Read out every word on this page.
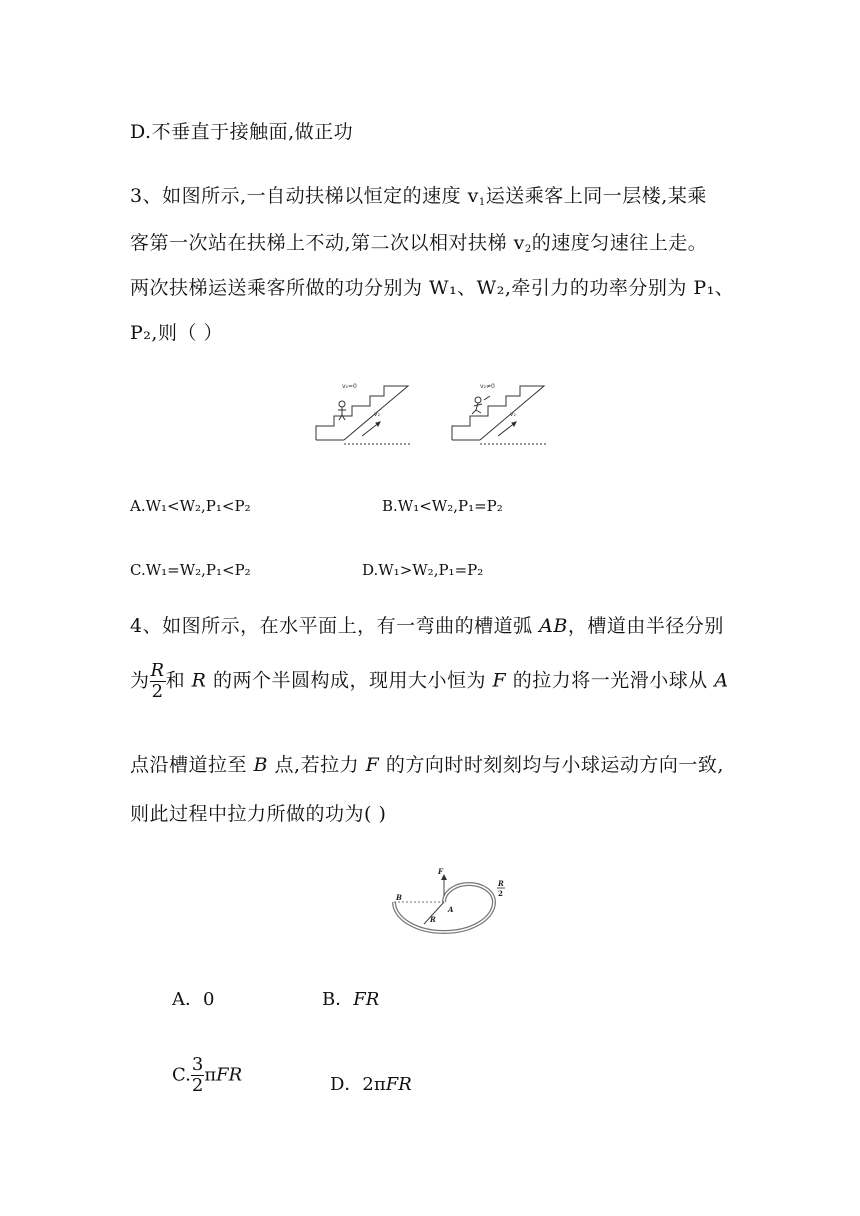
D.不垂直于接触面,做正功
3、如图所示,一自动扶梯以恒定的速度 $v_1$运送乘客上同一层楼,某乘
客第一次站在扶梯上不动,第二次以相对扶梯 $v_2$的速度匀速往上走。
两次扶梯运送乘客所做的功分别为 W₁、W₂,牵引力的功率分别为 P₁、
P₂,则（ ）
v₂=0
v₁
v₂≠0
v₁
A.W₁<W₂,P₁<P₂	B.W₁<W₂,P₁=P₂
C.W₁=W₂,P₁<P₂	D.W₁>W₂,P₁=P₂
4、如图所示，在水平面上，有一弯曲的槽道弧 AB，槽道由半径分别
为 $\frac{R}{2}$ 和 R 的两个半圆构成，现用大小恒为 F 的拉力将一光滑小球从 A
点沿槽道拉至 B 点,若拉力 F 的方向时时刻刻均与小球运动方向一致,
则此过程中拉力所做的功为( )
F
B
A
R
R
2
A．0	B．FR
C. $\frac{3}{2}$ πFR	D．2πFR
